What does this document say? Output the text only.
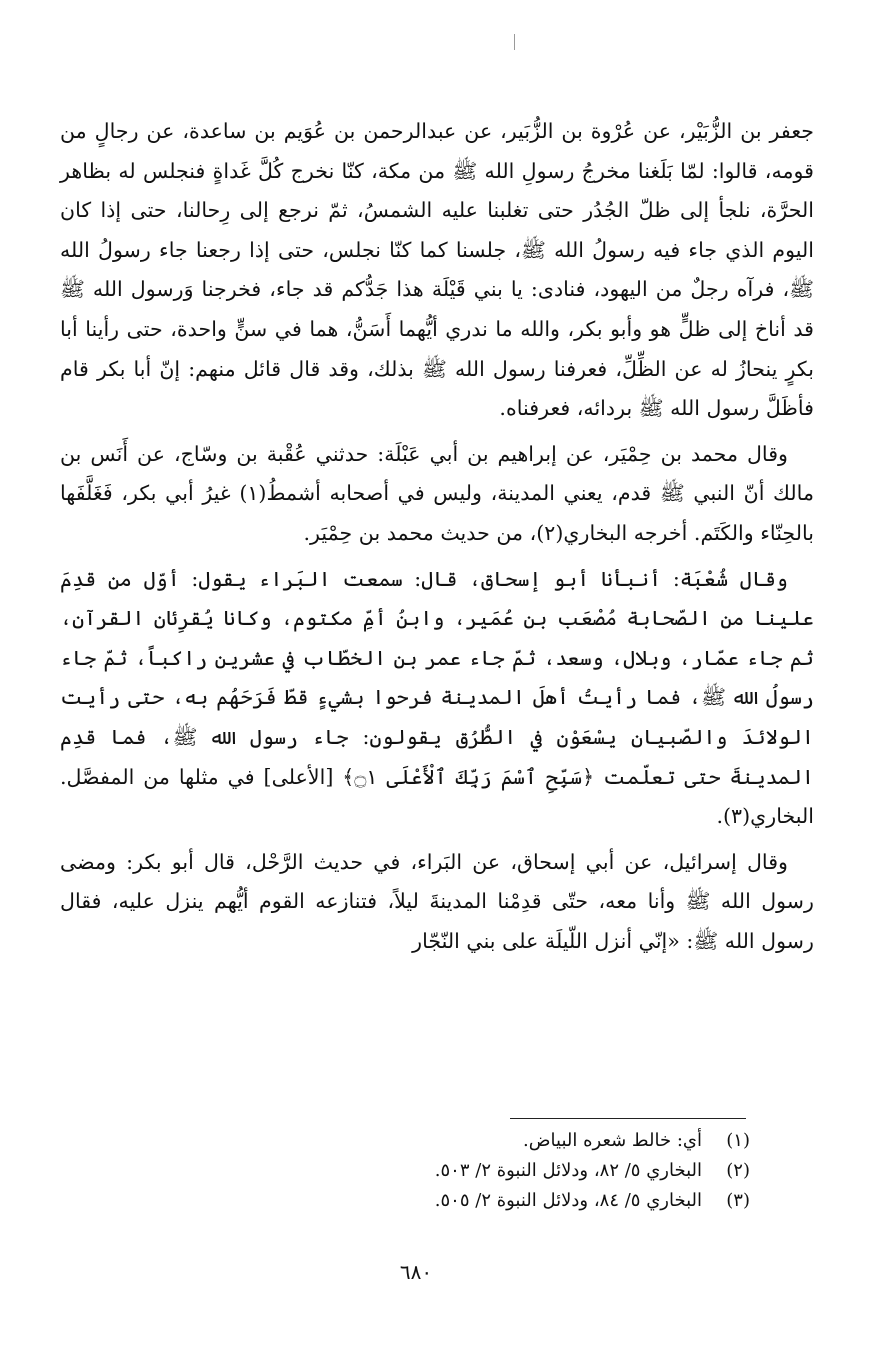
جعفر بن الزُّبَيْر، عن عُرْوة بن الزُّبَير، عن عبدالرحمن بن عُوَيم بن ساعدة، عن رجالٍ من قومه، قالوا: لمّا بَلَغنا مخرجُ رسولِ الله ﷺ من مكة، كنّا نخرج كُلَّ غَداةٍ فنجلس له بظاهر الحرَّة، نلجأ إلى ظلّ الجُدُر حتى تغلبنا عليه الشمسُ، ثمّ نرجع إلى رِحالنا، حتى إذا كان اليوم الذي جاء فيه رسولُ الله ﷺ، جلسنا كما كنّا نجلس، حتى إذا رجعنا جاء رسولُ الله ﷺ، فرآه رجلٌ من اليهود، فنادى: يا بني قَيْلَة هذا جَدُّكم قد جاء، فخرجنا وَرسول الله ﷺ قد أناخ إلى ظلٍّ هو وأبو بكر، والله ما ندري أيُّهما أَسَنُّ، هما في سنٍّ واحدة، حتى رأينا أبا بكرٍ ينحازُ له عن الظِّلِّ، فعرفنا رسول الله ﷺ بذلك، وقد قال قائل منهم: إنّ أبا بكر قام فأظَلَّ رسول الله ﷺ بردائه، فعرفناه.

وقال محمد بن حِمْيَر، عن إبراهيم بن أبي عَبْلَة: حدثني عُقْبة بن وسّاج، عن أَنَس بن مالك أنّ النبي ﷺ قدم، يعني المدينة، وليس في أصحابه أشمطُ(١) غيرُ أبي بكر، فَغَلَّفَها بالحِنّاء والكَتَم. أخرجه البخاري(٢)، من حديث محمد بن حِمْيَر.

وقال شُعْبَة: أنبأنا أبو إسحاق، قال: سمعت البَراء يقول: أوّل من قدِمَ علينا من الصّحابة مُصْعَب بن عُمَير، وابنُ أمِّ مكتوم، وكانا يُقرِئان القرآن، ثم جاء عمّار، وبلال، وسعد، ثمّ جاء عمر بن الخطّاب في عشرين راكباً، ثمّ جاء رسولُ الله ﷺ، فما رأيتُ أهلَ المدينة فرحوا بشيءٍ قطّ فَرَحَهُم به، حتى رأيت الولائدَ والصّبيان يسْعَوْن في الطُّرُق يقولون: جاء رسول الله ﷺ، فما قدِم المدينةَ حتى تعلّمت ﴿سَبِّحِ ٱسْمَ رَبِّكَ ٱلْأَعْلَى ۝١﴾ [الأعلى] في مثلها من المفصَّل. البخاري(٣).

وقال إسرائيل، عن أبي إسحاق، عن البَراء، في حديث الرَّحْل، قال أبو بكر: ومضى رسول الله ﷺ وأنا معه، حتّى قدِمْنا المدينةَ ليلاً، فتنازعه القوم أيُّهم ينزل عليه، فقال رسول الله ﷺ: «إنّي أنزل اللّيلَة على بني النّجّار

(١)
أي: خالط شعره البياض.
(٢)
البخاري ٥/ ٨٢، ودلائل النبوة ٢/ ٥٠٣.
(٣)
البخاري ٥/ ٨٤، ودلائل النبوة ٢/ ٥٠٥.
٦٨٠
